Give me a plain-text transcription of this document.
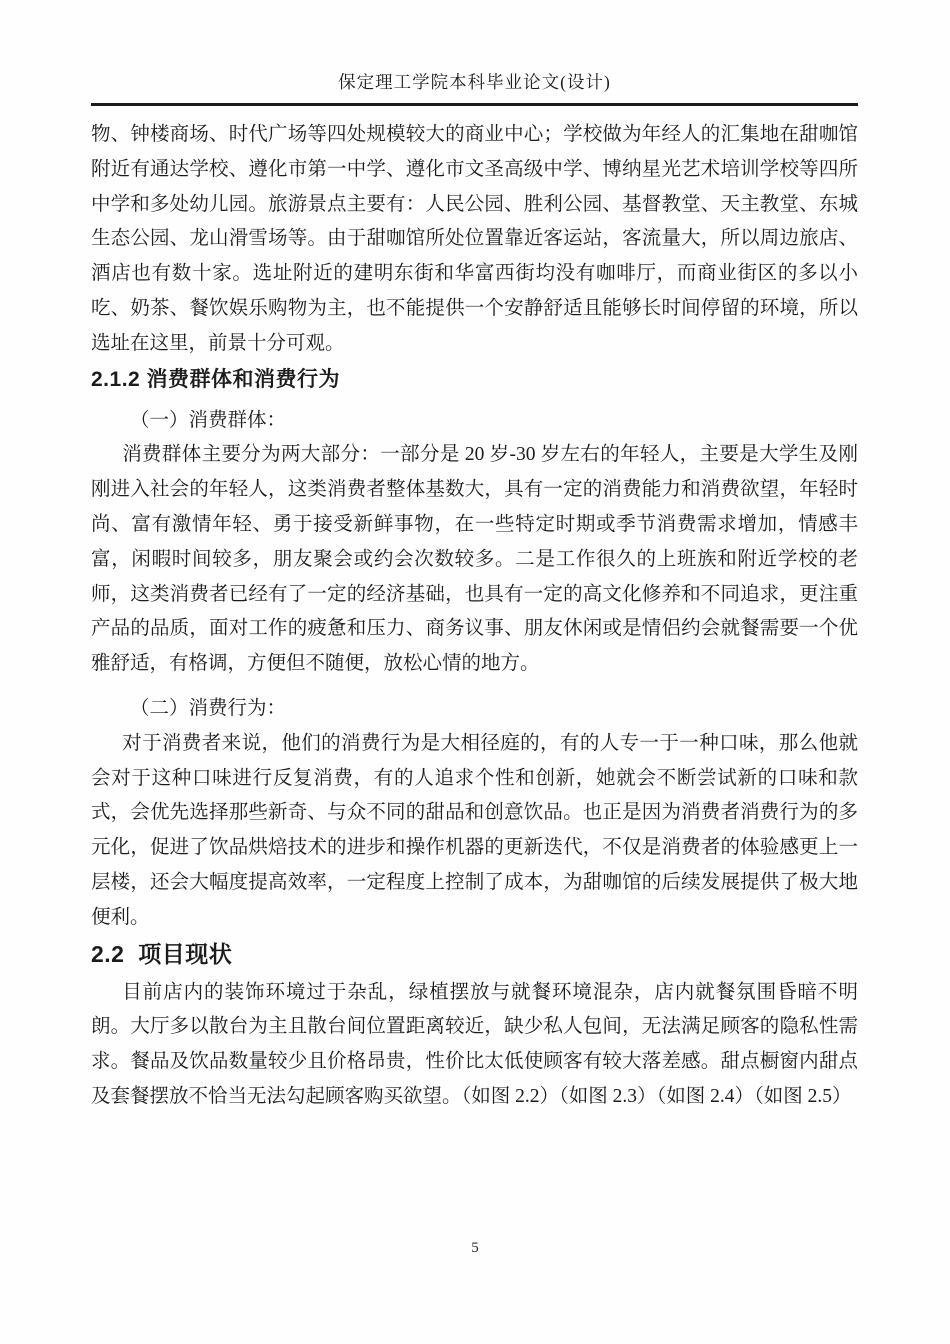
保定理工学院本科毕业论文(设计)

物、钟楼商场、时代广场等四处规模较大的商业中心；学校做为年经人的汇集地在甜咖馆附近有通达学校、遵化市第一中学、遵化市文圣高级中学、博纳星光艺术培训学校等四所中学和多处幼儿园。旅游景点主要有：人民公园、胜利公园、基督教堂、天主教堂、东城生态公园、龙山滑雪场等。由于甜咖馆所处位置靠近客运站，客流量大，所以周边旅店、酒店也有数十家。选址附近的建明东街和华富西街均没有咖啡厅，而商业街区的多以小吃、奶茶、餐饮娱乐购物为主，也不能提供一个安静舒适且能够长时间停留的环境，所以选址在这里，前景十分可观。

2.1.2 消费群体和消费行为

（一）消费群体：

消费群体主要分为两大部分：一部分是 20 岁-30 岁左右的年轻人，主要是大学生及刚刚进入社会的年轻人，这类消费者整体基数大，具有一定的消费能力和消费欲望，年轻时尚、富有激情年轻、勇于接受新鲜事物，在一些特定时期或季节消费需求增加，情感丰富，闲暇时间较多，朋友聚会或约会次数较多。二是工作很久的上班族和附近学校的老师，这类消费者已经有了一定的经济基础，也具有一定的高文化修养和不同追求，更注重产品的品质，面对工作的疲惫和压力、商务议事、朋友休闲或是情侣约会就餐需要一个优雅舒适，有格调，方便但不随便，放松心情的地方。

（二）消费行为：

对于消费者来说，他们的消费行为是大相径庭的，有的人专一于一种口味，那么他就会对于这种口味进行反复消费，有的人追求个性和创新，她就会不断尝试新的口味和款式，会优先选择那些新奇、与众不同的甜品和创意饮品。也正是因为消费者消费行为的多元化，促进了饮品烘焙技术的进步和操作机器的更新迭代，不仅是消费者的体验感更上一层楼，还会大幅度提高效率，一定程度上控制了成本，为甜咖馆的后续发展提供了极大地便利。

2.2  项目现状

目前店内的装饰环境过于杂乱，绿植摆放与就餐环境混杂，店内就餐氛围昏暗不明朗。大厅多以散台为主且散台间位置距离较近，缺少私人包间，无法满足顾客的隐私性需求。餐品及饮品数量较少且价格昂贵，性价比太低使顾客有较大落差感。甜点橱窗内甜点及套餐摆放不恰当无法勾起顾客购买欲望。（如图 2.2）（如图 2.3）（如图 2.4）（如图 2.5）

5
